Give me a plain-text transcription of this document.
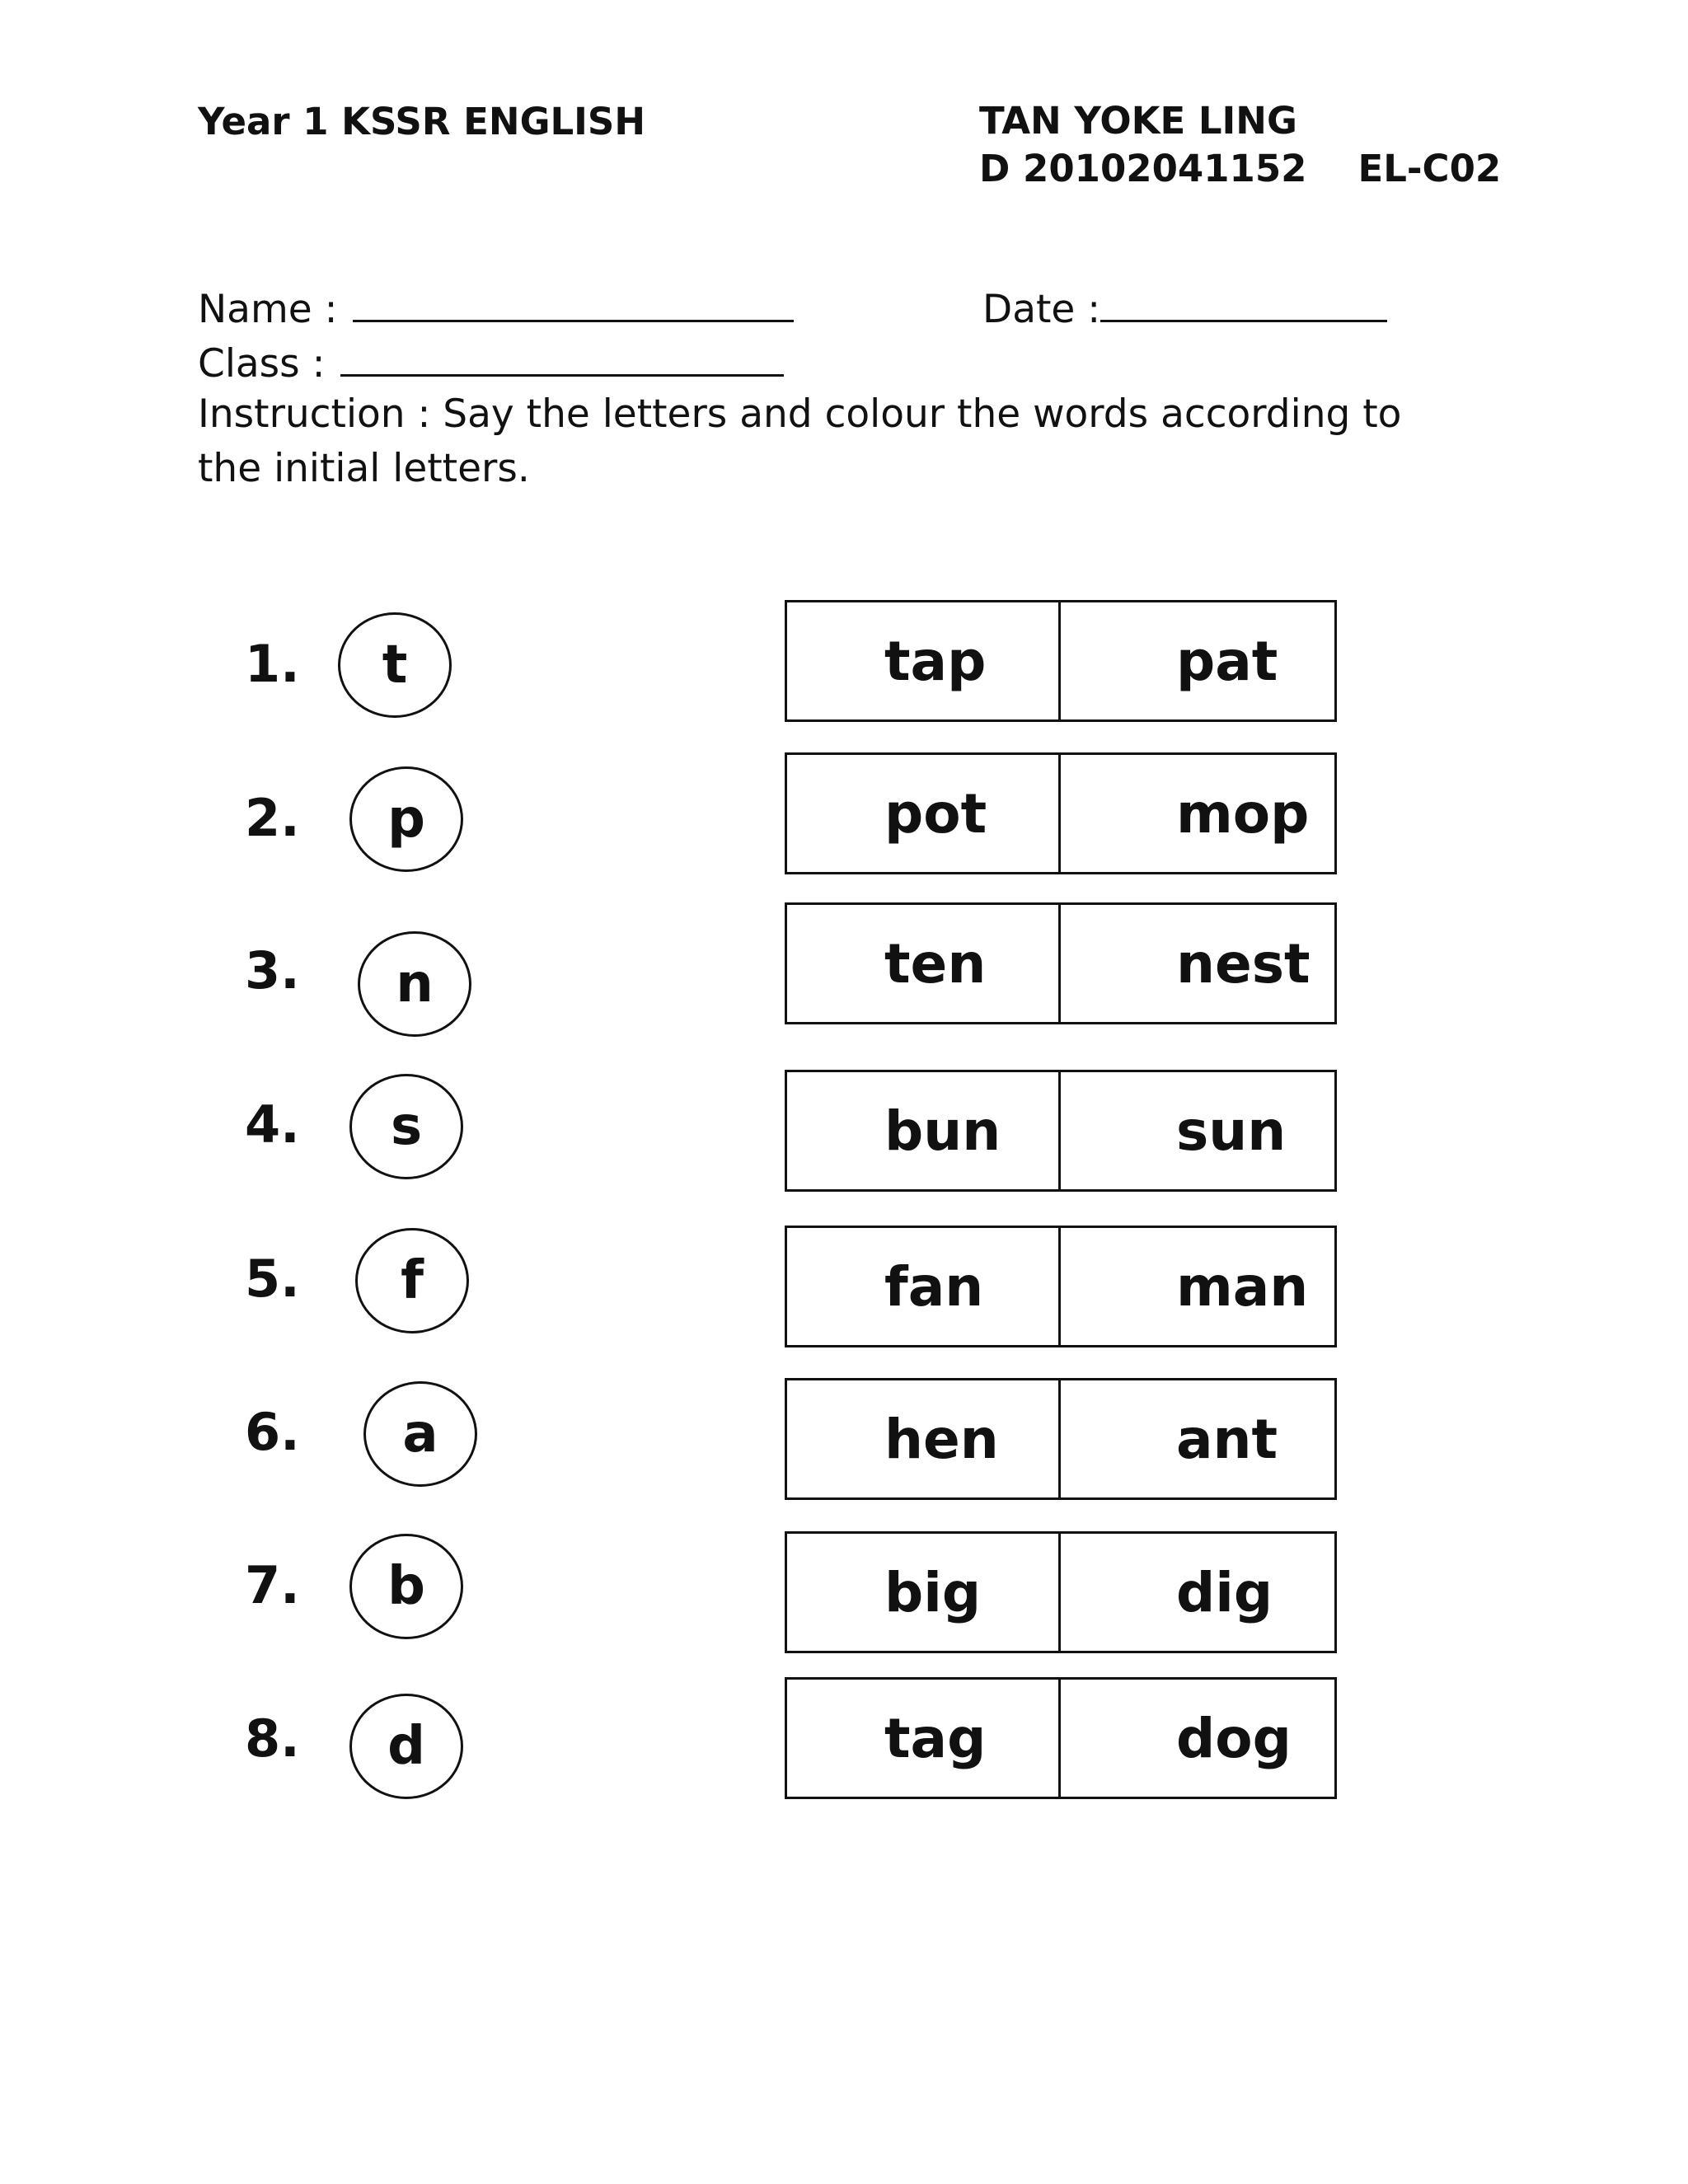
Year 1 KSSR ENGLISH	TAN YOKE LING
D 20102041152 EL-C02
Name :	Date :
Class :
Instruction : Say the letters and colour the words according to the initial letters.
1. t	tap	pat
2. p	pot	mop
3. n	ten	nest
4. s	bun	sun
5. f	fan	man
6. a	hen	ant
7. b	big	dig
8. d	tag	dog
